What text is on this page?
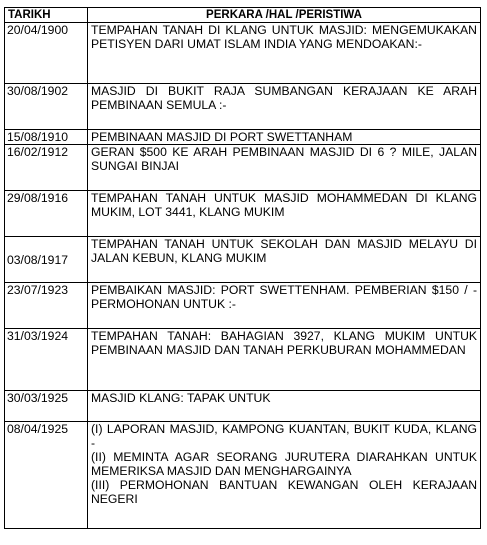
TARIKH	PERKARA /HAL /PERISTIWA
20/04/1900	TEMPAHAN TANAH DI KLANG UNTUK MASJID: MENGEMUKAKAN PETISYEN DARI UMAT ISLAM INDIA YANG MENDOAKAN:-
30/08/1902	MASJID DI BUKIT RAJA SUMBANGAN KERAJAAN KE ARAH PEMBINAAN SEMULA :-
15/08/1910	PEMBINAAN MASJID DI PORT SWETTANHAM
16/02/1912	GERAN $500 KE ARAH PEMBINAAN MASJID DI 6 ? MILE, JALAN SUNGAI BINJAI
29/08/1916	TEMPAHAN TANAH UNTUK MASJID MOHAMMEDAN DI KLANG MUKIM, LOT 3441, KLANG MUKIM
03/08/1917	TEMPAHAN TANAH UNTUK SEKOLAH DAN MASJID MELAYU DI JALAN KEBUN, KLANG MUKIM
23/07/1923	PEMBAIKAN MASJID: PORT SWETTENHAM. PEMBERIAN $150 / - PERMOHONAN UNTUK :-
31/03/1924	TEMPAHAN TANAH: BAHAGIAN 3927, KLANG MUKIM UNTUK PEMBINAAN MASJID DAN TANAH PERKUBURAN MOHAMMEDAN
30/03/1925	MASJID KLANG: TAPAK UNTUK
08/04/1925	(I) LAPORAN MASJID, KAMPONG KUANTAN, BUKIT KUDA, KLANG -
(II) MEMINTA AGAR SEORANG JURUTERA DIARAHKAN UNTUK MEMERIKSA MASJID DAN MENGHARGAINYA
(III) PERMOHONAN BANTUAN KEWANGAN OLEH KERAJAAN NEGERI
